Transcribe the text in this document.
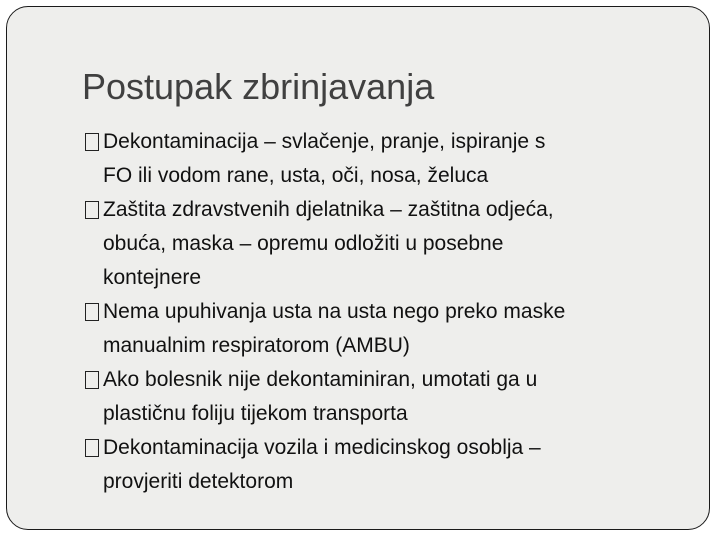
Postupak zbrinjavanja
Dekontaminacija – svlačenje, pranje, ispiranje s
FO ili vodom rane, usta, oči, nosa, želuca
Zaštita zdravstvenih djelatnika – zaštitna odjeća,
obuća, maska – opremu odložiti u posebne
kontejnere
Nema upuhivanja usta na usta nego preko maske
manualnim respiratorom (AMBU)
Ako bolesnik nije dekontaminiran, umotati ga u
plastičnu foliju tijekom transporta
Dekontaminacija vozila i medicinskog osoblja –
provjeriti detektorom
